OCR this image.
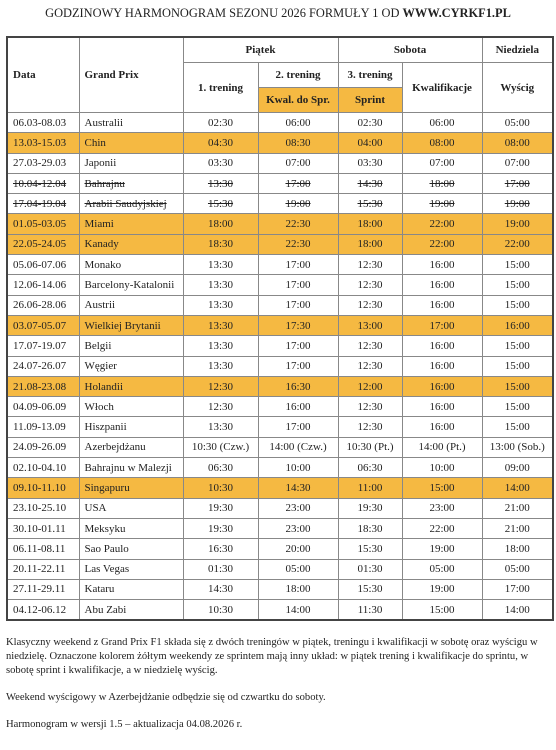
GODZINOWY HARMONOGRAM SEZONU 2026 FORMUŁY 1 OD WWW.CYRKF1.PL
Data	Grand Prix	Piątek		Sobota		Niedziela
		1. trening	2. trening	3. trening	Kwalifikacje	Wyścig
			Kwal. do Spr.	Sprint		
06.03-08.03	Australii	02:30	06:00	02:30	06:00	05:00
13.03-15.03	Chin	04:30	08:30	04:00	08:00	08:00
27.03-29.03	Japonii	03:30	07:00	03:30	07:00	07:00
10.04-12.04	Bahrajnu	13:30	17:00	14:30	18:00	17:00
17.04-19.04	Arabii Saudyjskiej	15:30	19:00	15:30	19:00	19:00
01.05-03.05	Miami	18:00	22:30	18:00	22:00	19:00
22.05-24.05	Kanady	18:30	22:30	18:00	22:00	22:00
05.06-07.06	Monako	13:30	17:00	12:30	16:00	15:00
12.06-14.06	Barcelony-Katalonii	13:30	17:00	12:30	16:00	15:00
26.06-28.06	Austrii	13:30	17:00	12:30	16:00	15:00
03.07-05.07	Wielkiej Brytanii	13:30	17:30	13:00	17:00	16:00
17.07-19.07	Belgii	13:30	17:00	12:30	16:00	15:00
24.07-26.07	Węgier	13:30	17:00	12:30	16:00	15:00
21.08-23.08	Holandii	12:30	16:30	12:00	16:00	15:00
04.09-06.09	Włoch	12:30	16:00	12:30	16:00	15:00
11.09-13.09	Hiszpanii	13:30	17:00	12:30	16:00	15:00
24.09-26.09	Azerbejdżanu	10:30 (Czw.)	14:00 (Czw.)	10:30 (Pt.)	14:00 (Pt.)	13:00 (Sob.)
02.10-04.10	Bahrajnu w Malezji	06:30	10:00	06:30	10:00	09:00
09.10-11.10	Singapuru	10:30	14:30	11:00	15:00	14:00
23.10-25.10	USA	19:30	23:00	19:30	23:00	21:00
30.10-01.11	Meksyku	19:30	23:00	18:30	22:00	21:00
06.11-08.11	Sao Paulo	16:30	20:00	15:30	19:00	18:00
20.11-22.11	Las Vegas	01:30	05:00	01:30	05:00	05:00
27.11-29.11	Kataru	14:30	18:00	15:30	19:00	17:00
04.12-06.12	Abu Zabi	10:30	14:00	11:30	15:00	14:00

Klasyczny weekend z Grand Prix F1 składa się z dwóch treningów w piątek, treningu i kwalifikacji w sobotę oraz wyścigu w niedzielę. Oznaczone kolorem żółtym weekendy ze sprintem mają inny układ: w piątek trening i kwalifikacje do sprintu, w sobotę sprint i kwalifikacje, a w niedzielę wyścig.

Weekend wyścigowy w Azerbejdżanie odbędzie się od czwartku do soboty.

Harmonogram w wersji 1.5 – aktualizacja 04.08.2026 r.
